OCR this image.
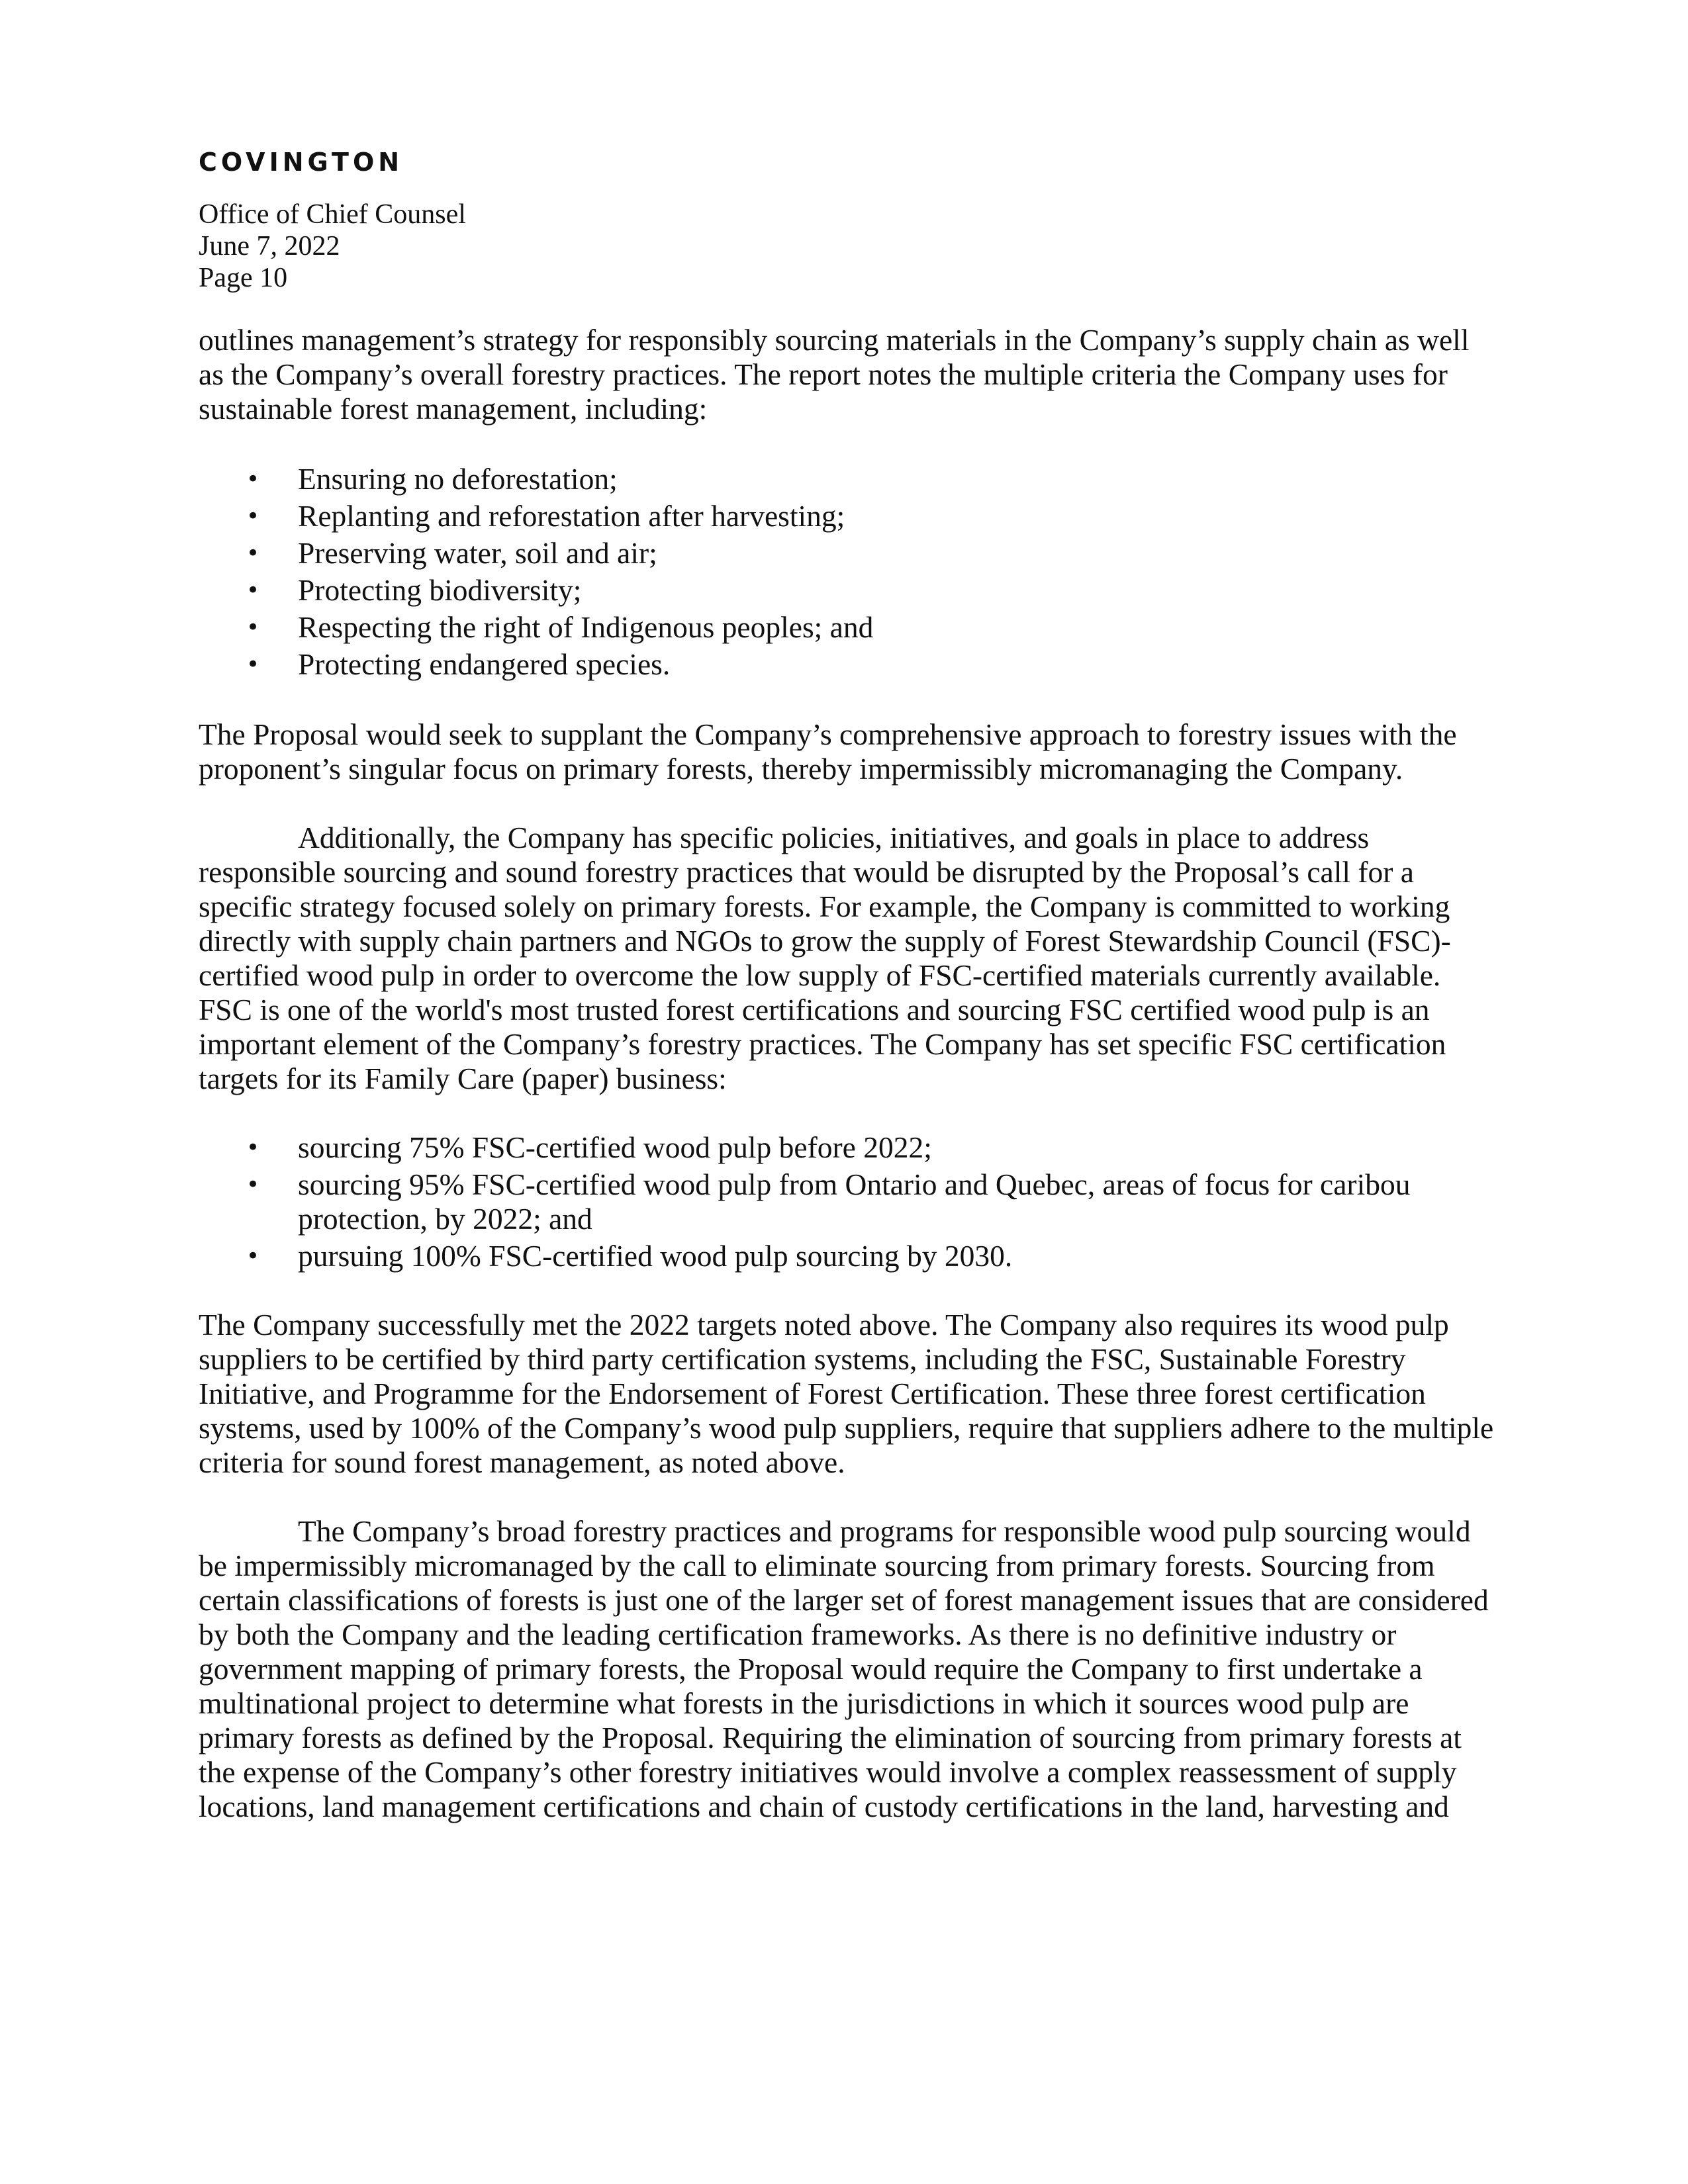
COVINGTON

Office of Chief Counsel

June 7, 2022

Page 10

outlines management’s strategy for responsibly sourcing materials in the Company’s supply chain as well as the Company’s overall forestry practices. The report notes the multiple criteria the Company uses for sustainable forest management, including:

• Ensuring no deforestation;
• Replanting and reforestation after harvesting;
• Preserving water, soil and air;
• Protecting biodiversity;
• Respecting the right of Indigenous peoples; and
• Protecting endangered species.

The Proposal would seek to supplant the Company’s comprehensive approach to forestry issues with the proponent’s singular focus on primary forests, thereby impermissibly micromanaging the Company.

Additionally, the Company has specific policies, initiatives, and goals in place to address responsible sourcing and sound forestry practices that would be disrupted by the Proposal’s call for a specific strategy focused solely on primary forests. For example, the Company is committed to working directly with supply chain partners and NGOs to grow the supply of Forest Stewardship Council (FSC)-certified wood pulp in order to overcome the low supply of FSC-certified materials currently available. FSC is one of the world's most trusted forest certifications and sourcing FSC certified wood pulp is an important element of the Company’s forestry practices. The Company has set specific FSC certification targets for its Family Care (paper) business:

• sourcing 75% FSC-certified wood pulp before 2022;
• sourcing 95% FSC-certified wood pulp from Ontario and Quebec, areas of focus for caribou protection, by 2022; and
• pursuing 100% FSC-certified wood pulp sourcing by 2030.

The Company successfully met the 2022 targets noted above. The Company also requires its wood pulp suppliers to be certified by third party certification systems, including the FSC, Sustainable Forestry Initiative, and Programme for the Endorsement of Forest Certification. These three forest certification systems, used by 100% of the Company’s wood pulp suppliers, require that suppliers adhere to the multiple criteria for sound forest management, as noted above.

The Company’s broad forestry practices and programs for responsible wood pulp sourcing would be impermissibly micromanaged by the call to eliminate sourcing from primary forests. Sourcing from certain classifications of forests is just one of the larger set of forest management issues that are considered by both the Company and the leading certification frameworks. As there is no definitive industry or government mapping of primary forests, the Proposal would require the Company to first undertake a multinational project to determine what forests in the jurisdictions in which it sources wood pulp are primary forests as defined by the Proposal. Requiring the elimination of sourcing from primary forests at the expense of the Company’s other forestry initiatives would involve a complex reassessment of supply locations, land management certifications and chain of custody certifications in the land, harvesting and
